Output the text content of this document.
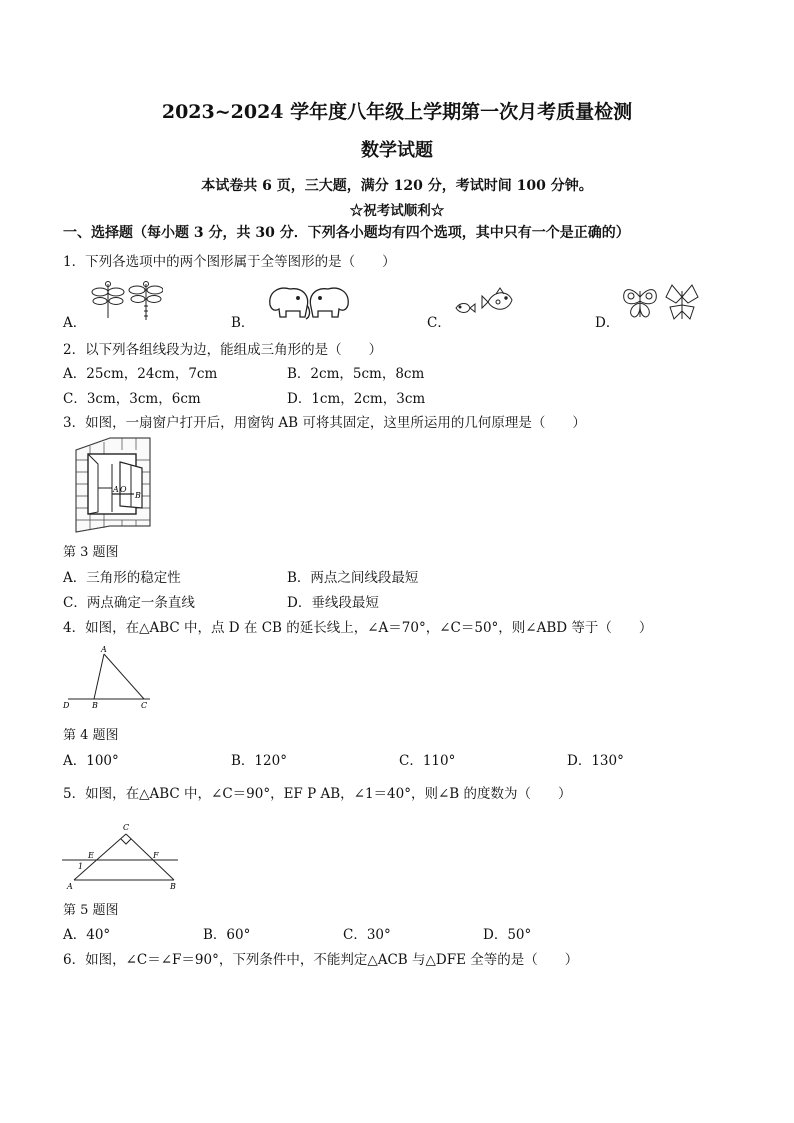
2023~2024 学年度八年级上学期第一次月考质量检测
数学试题
本试卷共 6 页，三大题，满分 120 分，考试时间 100 分钟。
☆祝考试顺利☆
一、选择题（每小题 3 分，共 30 分．下列各小题均有四个选项，其中只有一个是正确的）
1．下列各选项中的两个图形属于全等图形的是（　　）
A．	B．	C．	D．
2．以下列各组线段为边，能组成三角形的是（　　）
A．25cm，24cm，7cm	B．2cm，5cm，8cm
C．3cm，3cm，6cm	D．1cm，2cm，3cm
3．如图，一扇窗户打开后，用窗钩 AB 可将其固定，这里所运用的几何原理是（　　）
A O
B
第 3 题图
A．三角形的稳定性	B．两点之间线段最短
C．两点确定一条直线	D．垂线段最短
4．如图，在△ABC 中，点 D 在 CB 的延长线上，∠A＝70°，∠C＝50°，则∠ABD 等于（　　）
A
D	B	C
第 4 题图
A．100°	B．120°	C．110°	D．130°
5．如图，在△ABC 中，∠C＝90°，EF P AB，∠1＝40°，则∠B 的度数为（　　）
C
E	F
1
A	B
第 5 题图
A．40°	B．60°	C．30°	D．50°
6．如图，∠C＝∠F＝90°，下列条件中，不能判定△ACB 与△DFE 全等的是（　　）
